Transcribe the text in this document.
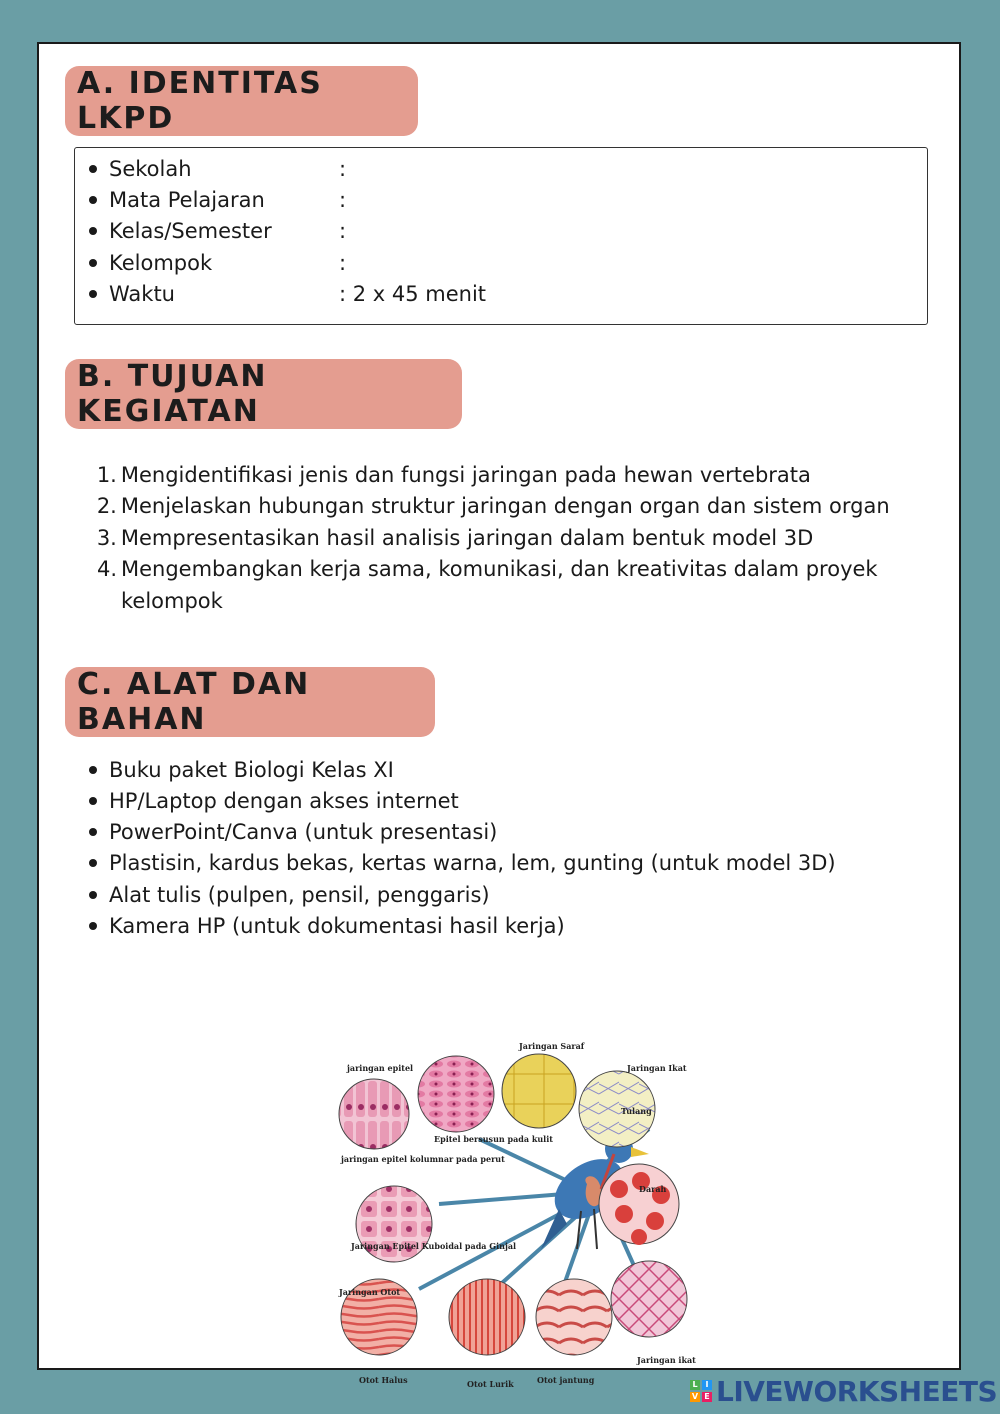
A. IDENTITAS LKPD
Sekolah	:
Mata Pelajaran	:
Kelas/Semester	:
Kelompok	:
Waktu	: 2 x 45 menit
B. TUJUAN KEGIATAN
1. Mengidentifikasi jenis dan fungsi jaringan pada hewan vertebrata
2. Menjelaskan hubungan struktur jaringan dengan organ dan sistem organ
3. Mempresentasikan hasil analisis jaringan dalam bentuk model 3D
4. Mengembangkan kerja sama, komunikasi, dan kreativitas dalam proyek kelompok
C. ALAT DAN BAHAN
Buku paket Biologi Kelas XI
HP/Laptop dengan akses internet
PowerPoint/Canva (untuk presentasi)
Plastisin, kardus bekas, kertas warna, lem, gunting (untuk model 3D)
Alat tulis (pulpen, pensil, penggaris)
Kamera HP (untuk dokumentasi hasil kerja)
jaringan epitel
Jaringan Saraf
Jaringan Ikat
Tulang
Epitel bersusun pada kulit
jaringan epitel kolumnar pada perut
Darah
Jaringan Epitel Kuboidal pada Ginjal
Jaringan Otot
Otot Halus	Otot Lurik	Otot jantung
Jaringan ikat
L I
V E LIVEWORKSHEETS
